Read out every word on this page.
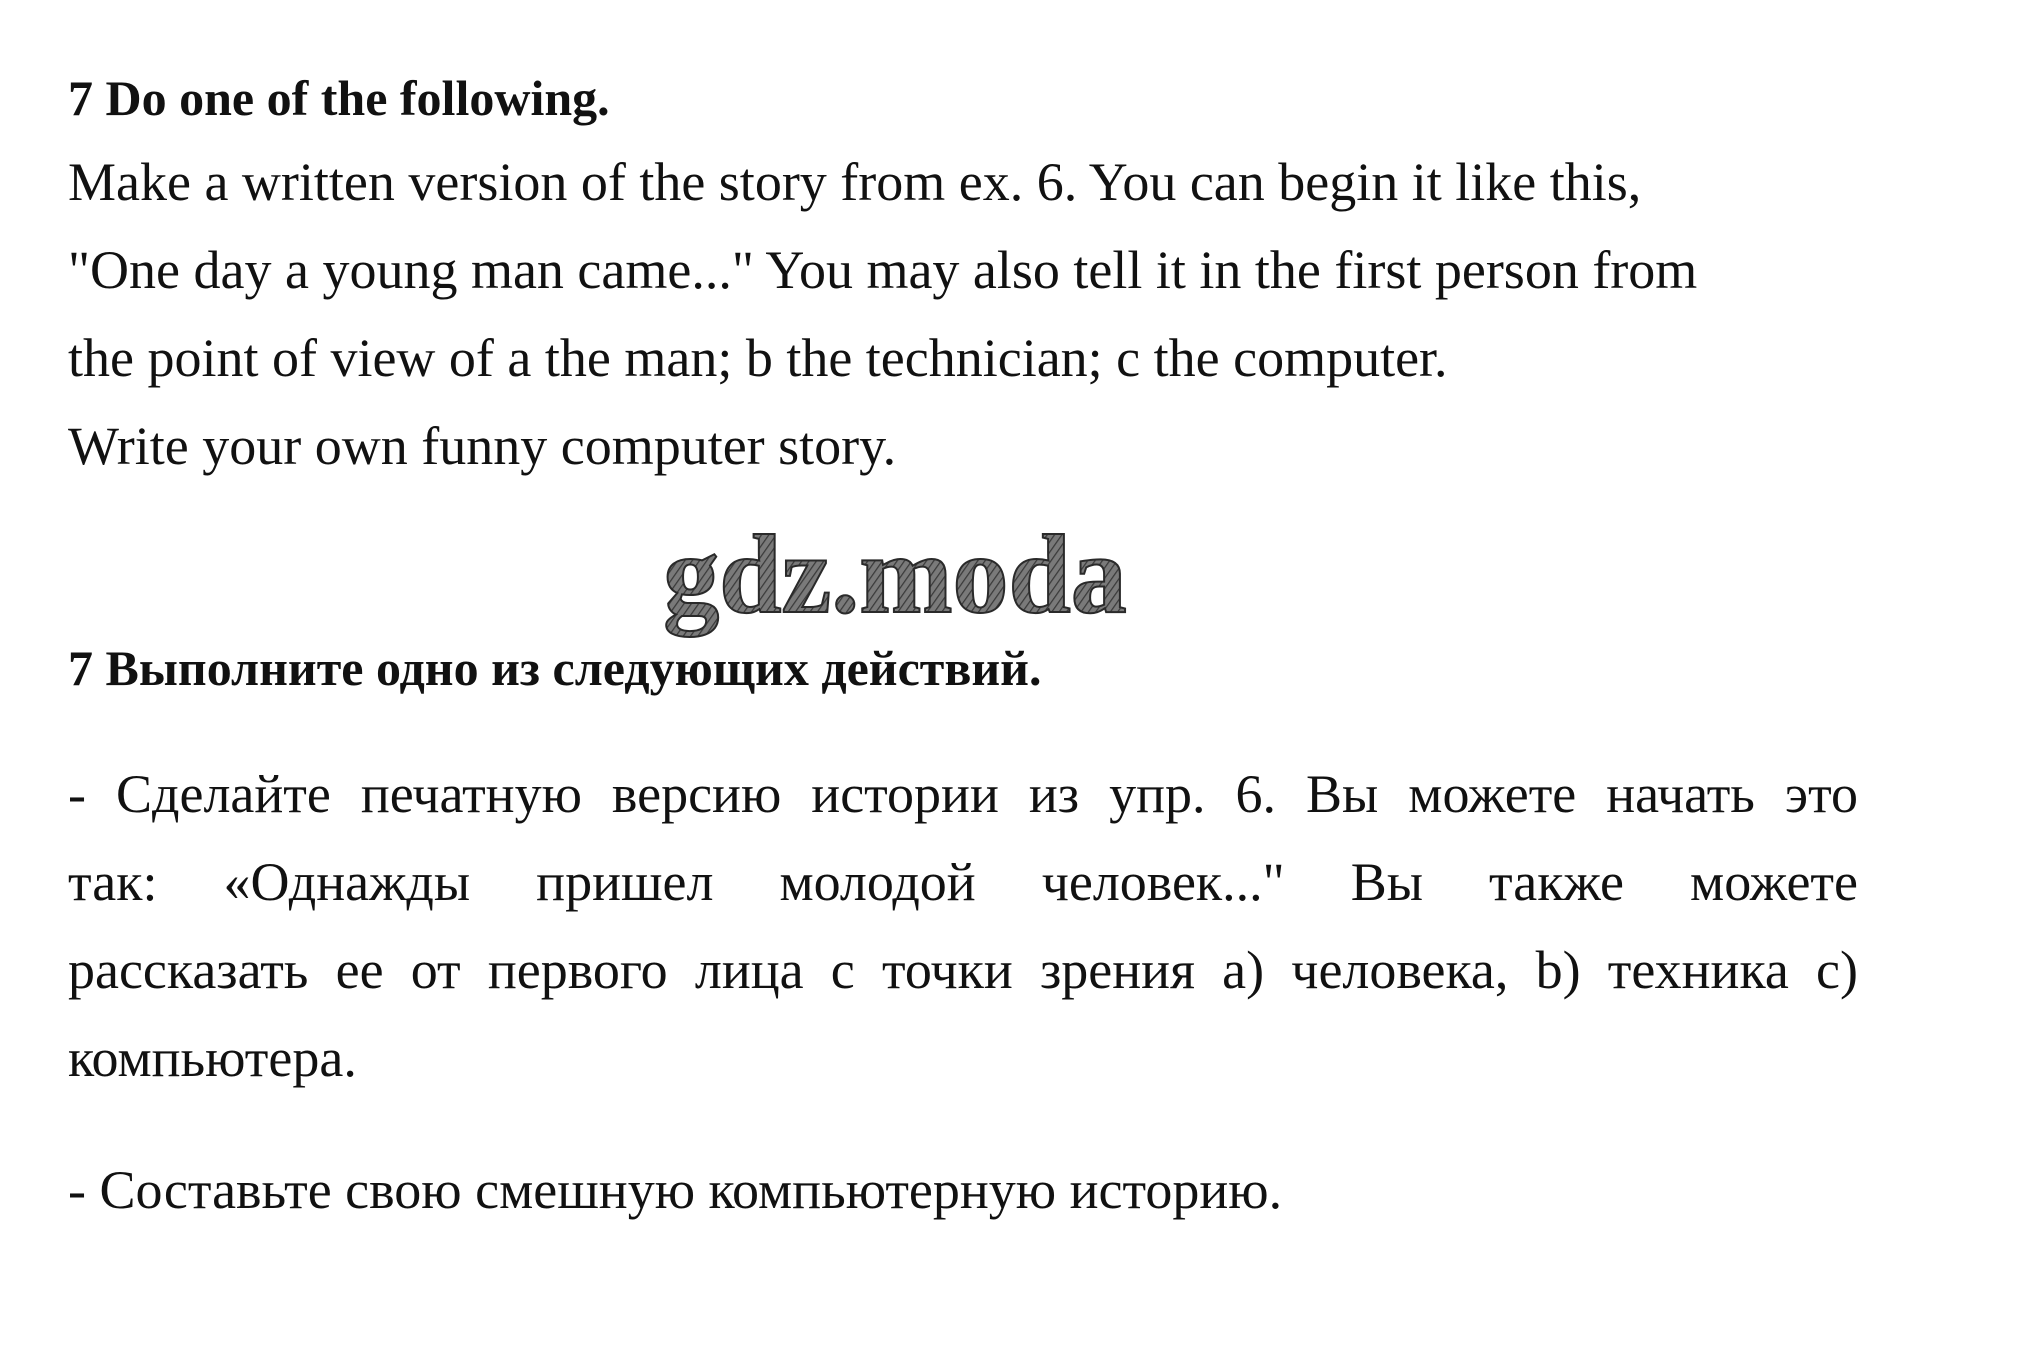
7 Do one of the following.
Make a written version of the story from ex. 6. You can begin it like this,
"One day a young man came..." You may also tell it in the first person from
the point of view of a the man; b the technician; c the computer.
Write your own funny computer story.
gdz.moda
7 Выполните одно из следующих действий.
- Сделайте печатную версию истории из упр. 6. Вы можете начать это
так: «Однажды пришел молодой человек..." Вы также можете
рассказать ее от первого лица с точки зрения а) человека, b) техника c)
компьютера.
- Составьте свою смешную компьютерную историю.
